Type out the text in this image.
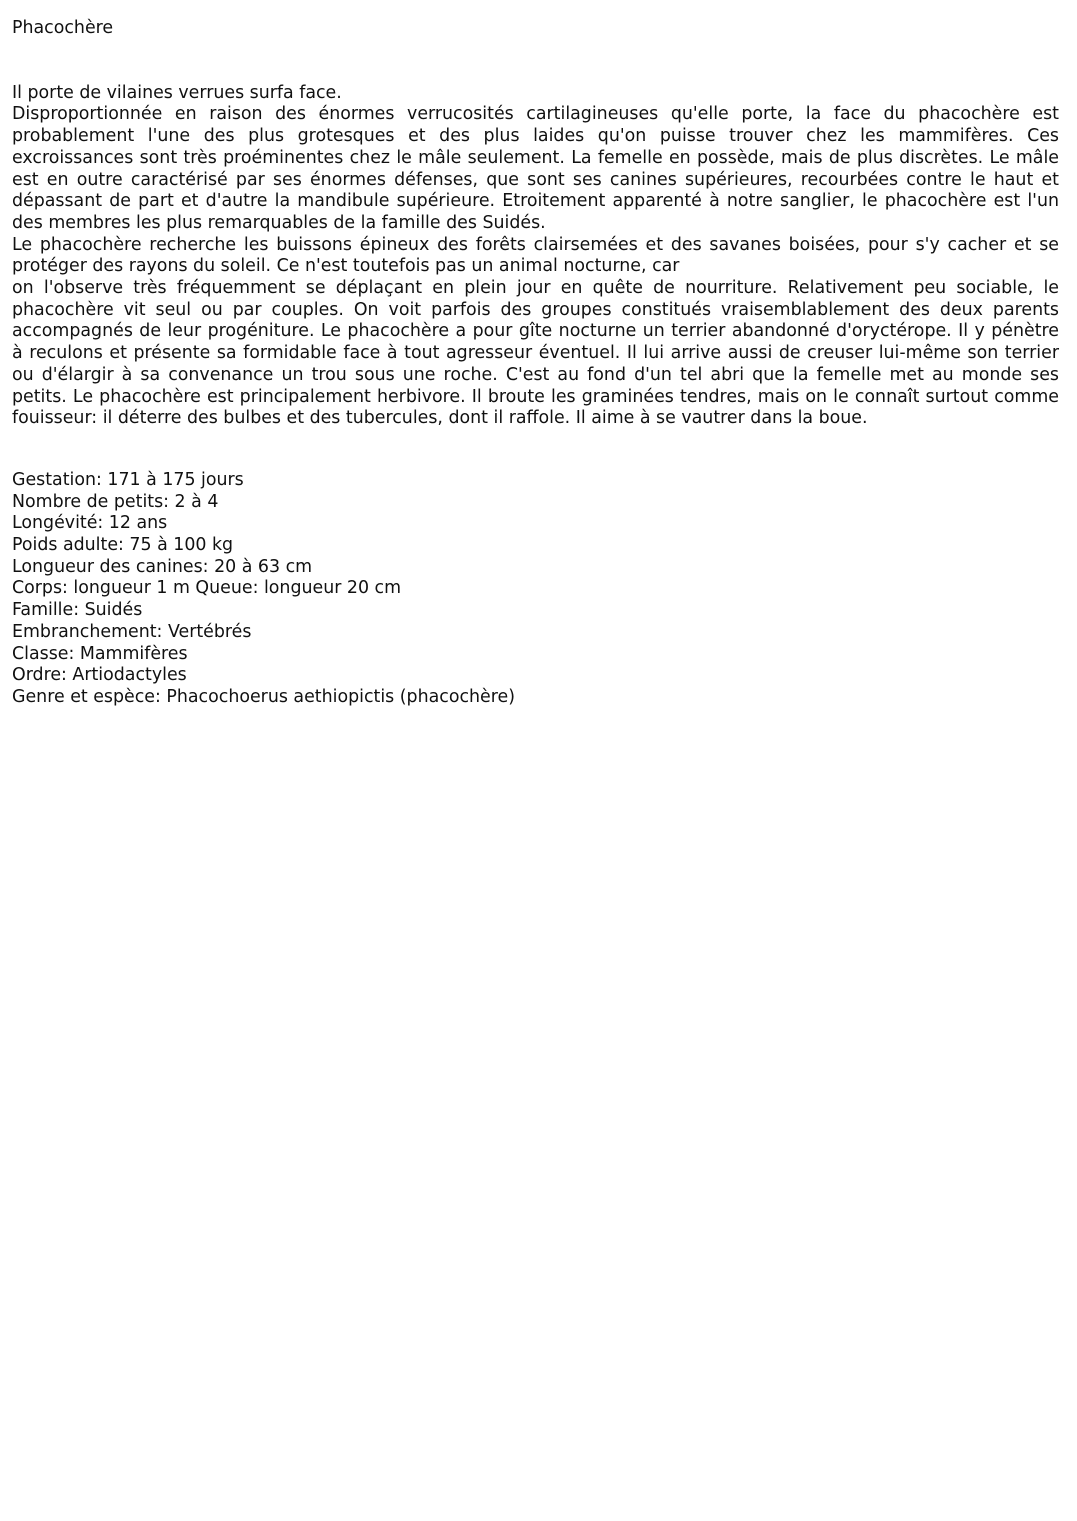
Phacochère

Il porte de vilaines verrues surfa face.

Disproportionnée en raison des énormes verrucosités cartilagineuses qu'elle porte, la face du phacochère est probablement l'une des plus grotesques et des plus laides qu'on puisse trouver chez les mammifères. Ces excroissances sont très proéminentes chez le mâle seulement. La femelle en possède, mais de plus discrètes. Le mâle est en outre caractérisé par ses énormes défenses, que sont ses canines supérieures, recourbées contre le haut et dépassant de part et d'autre la mandibule supérieure. Etroitement apparenté à notre sanglier, le phacochère est l'un des membres les plus remarquables de la famille des Suidés.

Le phacochère recherche les buissons épineux des forêts clairsemées et des savanes boisées, pour s'y cacher et se protéger des rayons du soleil. Ce n'est toutefois pas un animal nocturne, car

on l'observe très fréquemment se déplaçant en plein jour en quête de nourriture. Relativement peu sociable, le phacochère vit seul ou par couples. On voit parfois des groupes constitués vraisemblablement des deux parents accompagnés de leur progéniture. Le phacochère a pour gîte nocturne un terrier abandonné d'oryctérope. Il y pénètre à reculons et présente sa formidable face à tout agresseur éventuel. Il lui arrive aussi de creuser lui-même son terrier ou d'élargir à sa convenance un trou sous une roche. C'est au fond d'un tel abri que la femelle met au monde ses petits. Le phacochère est principalement herbivore. Il broute les graminées tendres, mais on le connaît surtout comme fouisseur: il déterre des bulbes et des tubercules, dont il raffole. Il aime à se vautrer dans la boue.

Gestation: 171 à 175 jours
Nombre de petits: 2 à 4
Longévité: 12 ans
Poids adulte: 75 à 100 kg
Longueur des canines: 20 à 63 cm
Corps: longueur 1 m Queue: longueur 20 cm
Famille: Suidés
Embranchement: Vertébrés
Classe: Mammifères
Ordre: Artiodactyles
Genre et espèce: Phacochoerus aethiopictis (phacochère)
